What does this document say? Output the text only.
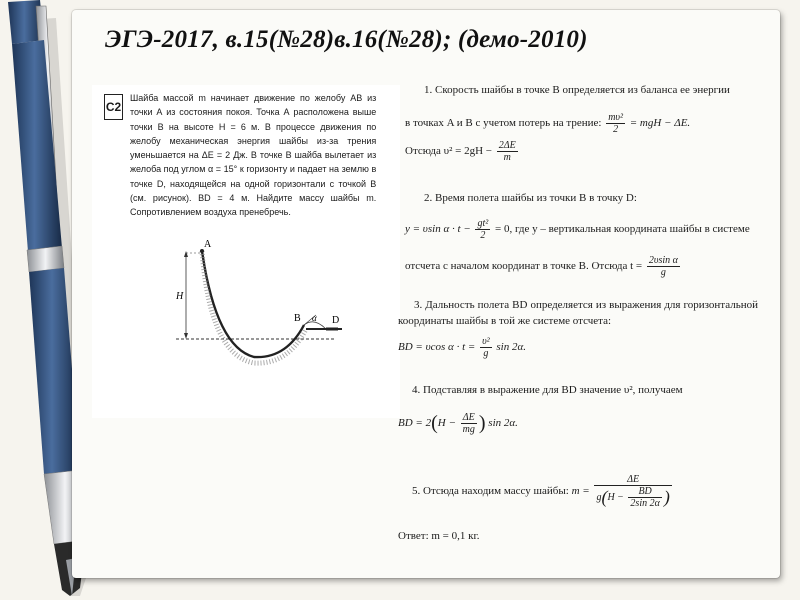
ЭГЭ-2017, в.15(№28)в.16(№28); (демо-2010)
С2
Шайба массой m начинает движение по желобу АВ из точки А из состояния покоя. Точка А расположена выше точки В на высоте H = 6 м. В процессе движения по желобу механическая энергия шайбы из-за трения уменьшается на ΔE = 2 Дж. В точке В шайба вылетает из желоба под углом α = 15° к горизонту и падает на землю в точке D, находящейся на одной горизонтали с точкой В (см. рисунок). BD = 4 м. Найдите массу шайбы m. Сопротивлением воздуха пренебречь.
A
H
B α D
1. Скорость шайбы в точке В определяется из баланса ее энергии
в точках A и B с учетом потерь на трение: $\frac{\text{mυ²}}{2}$ = mgH − ΔE.
Отсюда $\upsilon^2 = 2gH - \frac{2\Delta E}{m}$
2. Время полета шайбы из точки B в точку D:
y = υsin $\alpha \cdot t - \frac{\text{gt²}}{2} = 0$, где y – вертикальная координата шайбы в системе
отсчета с началом координат в точке B. Отсюда $t = \frac{\text{2υsin α}}{g}$
3. Дальность полета BD определяется из выражения для горизонтальной координаты шайбы в той же системе отсчета:
BD = υcos $\alpha \cdot t = \frac{\text{υ²}}{g}$ sin 2α.
4. Подставляя в выражение для BD значение υ², получаем
BD = $2(H - \frac{\Delta E}{mg}$ ) sin 2α.
5. Отсюда находим массу шайбы: $m = \frac{\Delta E}{g(H - \frac{BD}{2\sin 2\alpha} )}$
Ответ: m = 0,1 кг.
